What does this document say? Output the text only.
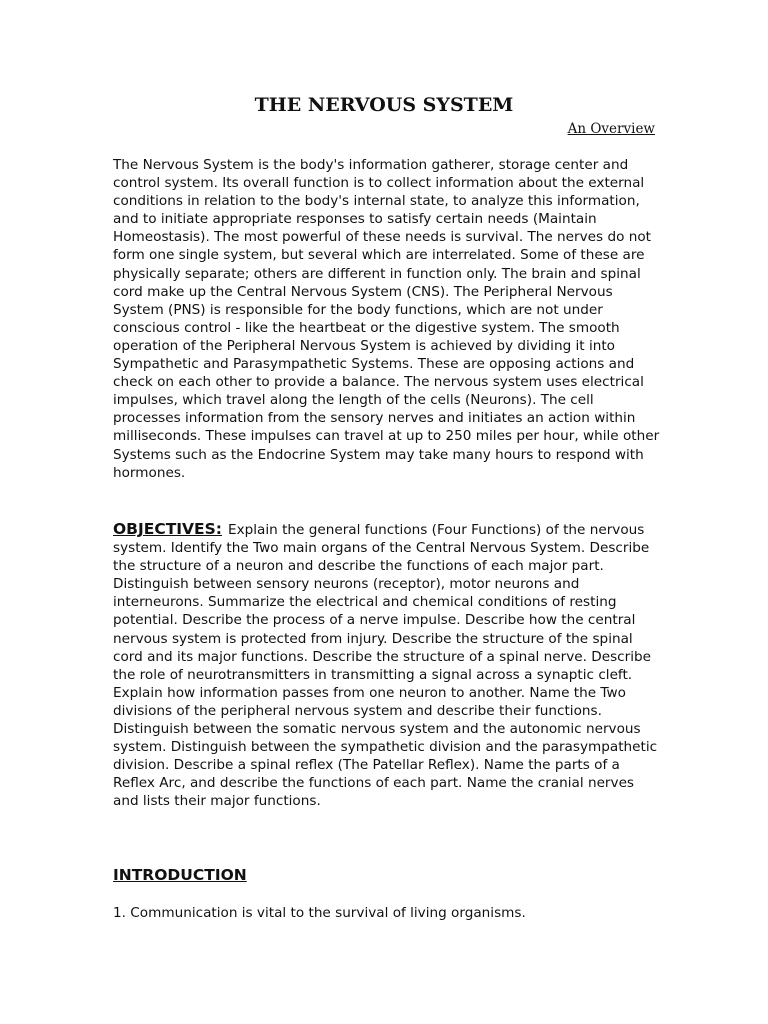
THE NERVOUS SYSTEM

An Overview

The Nervous System is the body's information gatherer, storage center and control system. Its overall function is to collect information about the external conditions in relation to the body's internal state, to analyze this information, and to initiate appropriate responses to satisfy certain needs (Maintain Homeostasis). The most powerful of these needs is survival. The nerves do not form one single system, but several which are interrelated. Some of these are physically separate; others are different in function only. The brain and spinal cord make up the Central Nervous System (CNS). The Peripheral Nervous System (PNS) is responsible for the body functions, which are not under conscious control - like the heartbeat or the digestive system. The smooth operation of the Peripheral Nervous System is achieved by dividing it into Sympathetic and Parasympathetic Systems. These are opposing actions and check on each other to provide a balance. The nervous system uses electrical impulses, which travel along the length of the cells (Neurons). The cell processes information from the sensory nerves and initiates an action within milliseconds. These impulses can travel at up to 250 miles per hour, while other Systems such as the Endocrine System may take many hours to respond with hormones.

OBJECTIVES: Explain the general functions (Four Functions) of the nervous system. Identify the Two main organs of the Central Nervous System. Describe the structure of a neuron and describe the functions of each major part. Distinguish between sensory neurons (receptor), motor neurons and interneurons. Summarize the electrical and chemical conditions of resting potential. Describe the process of a nerve impulse. Describe how the central nervous system is protected from injury. Describe the structure of the spinal cord and its major functions. Describe the structure of a spinal nerve. Describe the role of neurotransmitters in transmitting a signal across a synaptic cleft. Explain how information passes from one neuron to another. Name the Two divisions of the peripheral nervous system and describe their functions. Distinguish between the somatic nervous system and the autonomic nervous system. Distinguish between the sympathetic division and the parasympathetic division. Describe a spinal reflex (The Patellar Reflex). Name the parts of a Reflex Arc, and describe the functions of each part. Name the cranial nerves and lists their major functions.

INTRODUCTION

1. Communication is vital to the survival of living organisms.
